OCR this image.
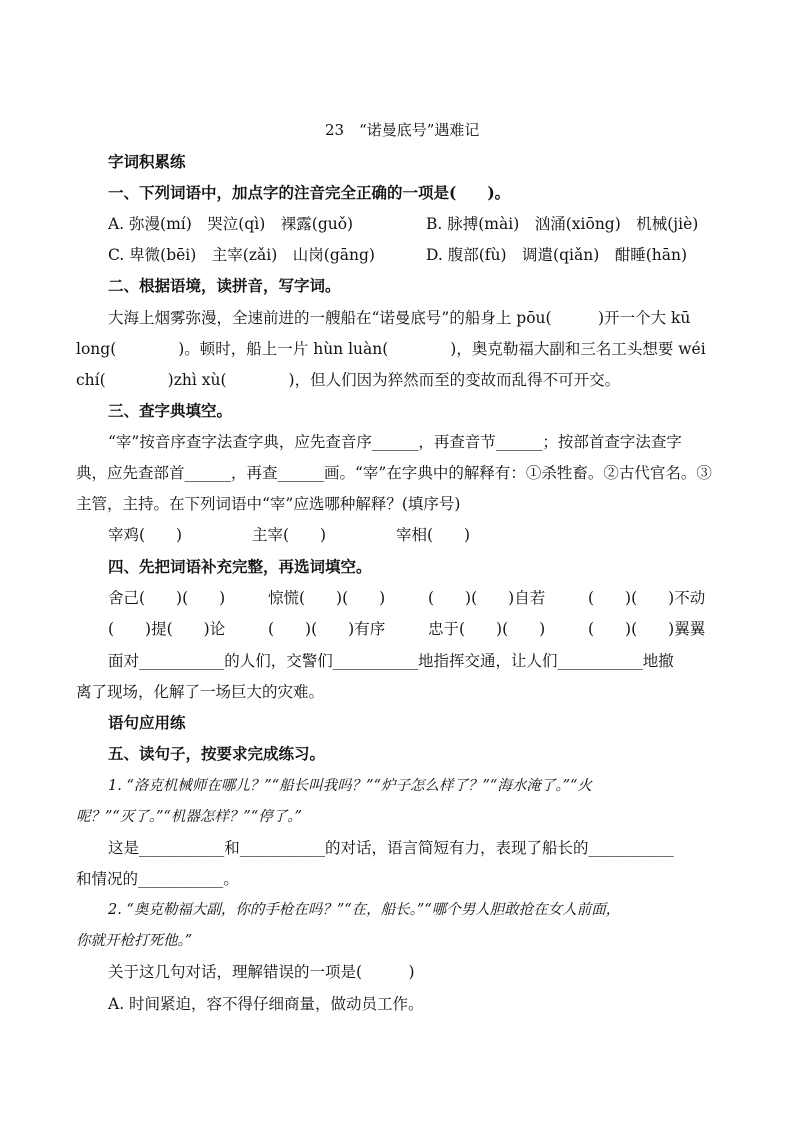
23　“诺曼底号”遇难记
字词积累练
一、下列词语中，加点字的注音完全正确的一项是(　　)。
A. 弥漫(mí)　哭泣(qì)　裸露(guǒ)	B. 脉搏(mài)　汹涌(xiōng)　机械(jiè)
C. 卑微(bēi)　主宰(zǎi)　山岗(gāng)	D. 腹部(fù)　调遣(qiǎn)　酣睡(hān)
二、根据语境，读拼音，写字词。
大海上烟雾弥漫，全速前进的一艘船在“诺曼底号”的船身上 pōu(　　　)开一个大 kū
long(　　　　)。顿时，船上一片 hùn luàn(　　　　)，奥克勒福大副和三名工头想要 wéi
chí(　　　　)zhì xù(　　　　)，但人们因为猝然而至的变故而乱得不可开交。
三、查字典填空。
“宰”按音序查字法查字典，应先查音序______，再查音节______；按部首查字法查字
典，应先查部首______，再查______画。“宰”在字典中的解释有：①杀牲畜。②古代官名。③
主管，主持。在下列词语中“宰”应选哪种解释？(填序号)
宰鸡(　　)	主宰(　　)	宰相(　　)
四、先把词语补充完整，再选词填空。
舍己(　　)(　　)	惊慌(　　)(　　)	(　　)(　　)自若	(　　)(　　)不动
(　　)提(　　)论	(　　)(　　)有序	忠于(　　)(　　)	(　　)(　　)翼翼
面对___________的人们，交警们___________地指挥交通，让人们___________地撤
离了现场，化解了一场巨大的灾难。
语句应用练
五、读句子，按要求完成练习。
1. “洛克机械师在哪儿？”“船长叫我吗？”“炉子怎么样了？”“海水淹了。”“火
呢？”“灭了。”“机器怎样？”“停了。”
这是___________和___________的对话，语言简短有力，表现了船长的___________
和情况的___________。
2. “奥克勒福大副，你的手枪在吗？”“在，船长。”“哪个男人胆敢抢在女人前面，
你就开枪打死他。”
关于这几句对话，理解错误的一项是(　　　)
A. 时间紧迫，容不得仔细商量，做动员工作。
